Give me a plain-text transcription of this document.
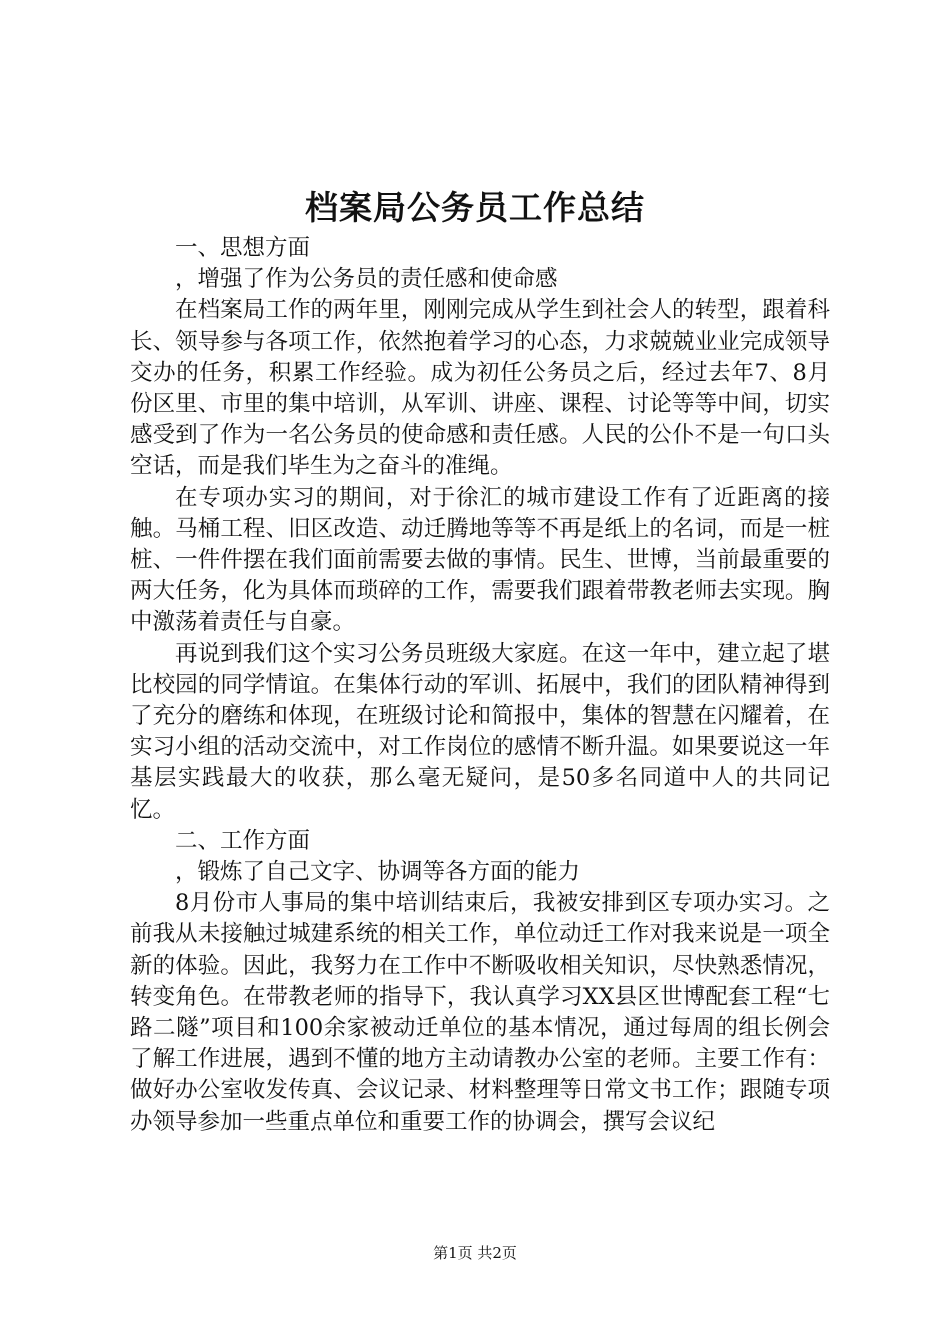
档案局公务员工作总结

一、思想方面

，增强了作为公务员的责任感和使命感

在档案局工作的两年里，刚刚完成从学生到社会人的转型，跟着科长、领导参与各项工作，依然抱着学习的心态，力求兢兢业业完成领导交办的任务，积累工作经验。成为初任公务员之后，经过去年7、8月份区里、市里的集中培训，从军训、讲座、课程、讨论等等中间，切实感受到了作为一名公务员的使命感和责任感。人民的公仆不是一句口头空话，而是我们毕生为之奋斗的准绳。

在专项办实习的期间，对于徐汇的城市建设工作有了近距离的接触。马桶工程、旧区改造、动迁腾地等等不再是纸上的名词，而是一桩桩、一件件摆在我们面前需要去做的事情。民生、世博，当前最重要的两大任务，化为具体而琐碎的工作，需要我们跟着带教老师去实现。胸中激荡着责任与自豪。

再说到我们这个实习公务员班级大家庭。在这一年中，建立起了堪比校园的同学情谊。在集体行动的军训、拓展中，我们的团队精神得到了充分的磨练和体现，在班级讨论和简报中，集体的智慧在闪耀着，在实习小组的活动交流中，对工作岗位的感情不断升温。如果要说这一年基层实践最大的收获，那么毫无疑问，是50多名同道中人的共同记忆。

二、工作方面

，锻炼了自己文字、协调等各方面的能力

8月份市人事局的集中培训结束后，我被安排到区专项办实习。之前我从未接触过城建系统的相关工作，单位动迁工作对我来说是一项全新的体验。因此，我努力在工作中不断吸收相关知识，尽快熟悉情况，转变角色。在带教老师的指导下，我认真学习XX县区世博配套工程“七路二隧”项目和100余家被动迁单位的基本情况，通过每周的组长例会了解工作进展，遇到不懂的地方主动请教办公室的老师。主要工作有：做好办公室收发传真、会议记录、材料整理等日常文书工作；跟随专项办领导参加一些重点单位和重要工作的协调会，撰写会议纪

第1页 共2页
